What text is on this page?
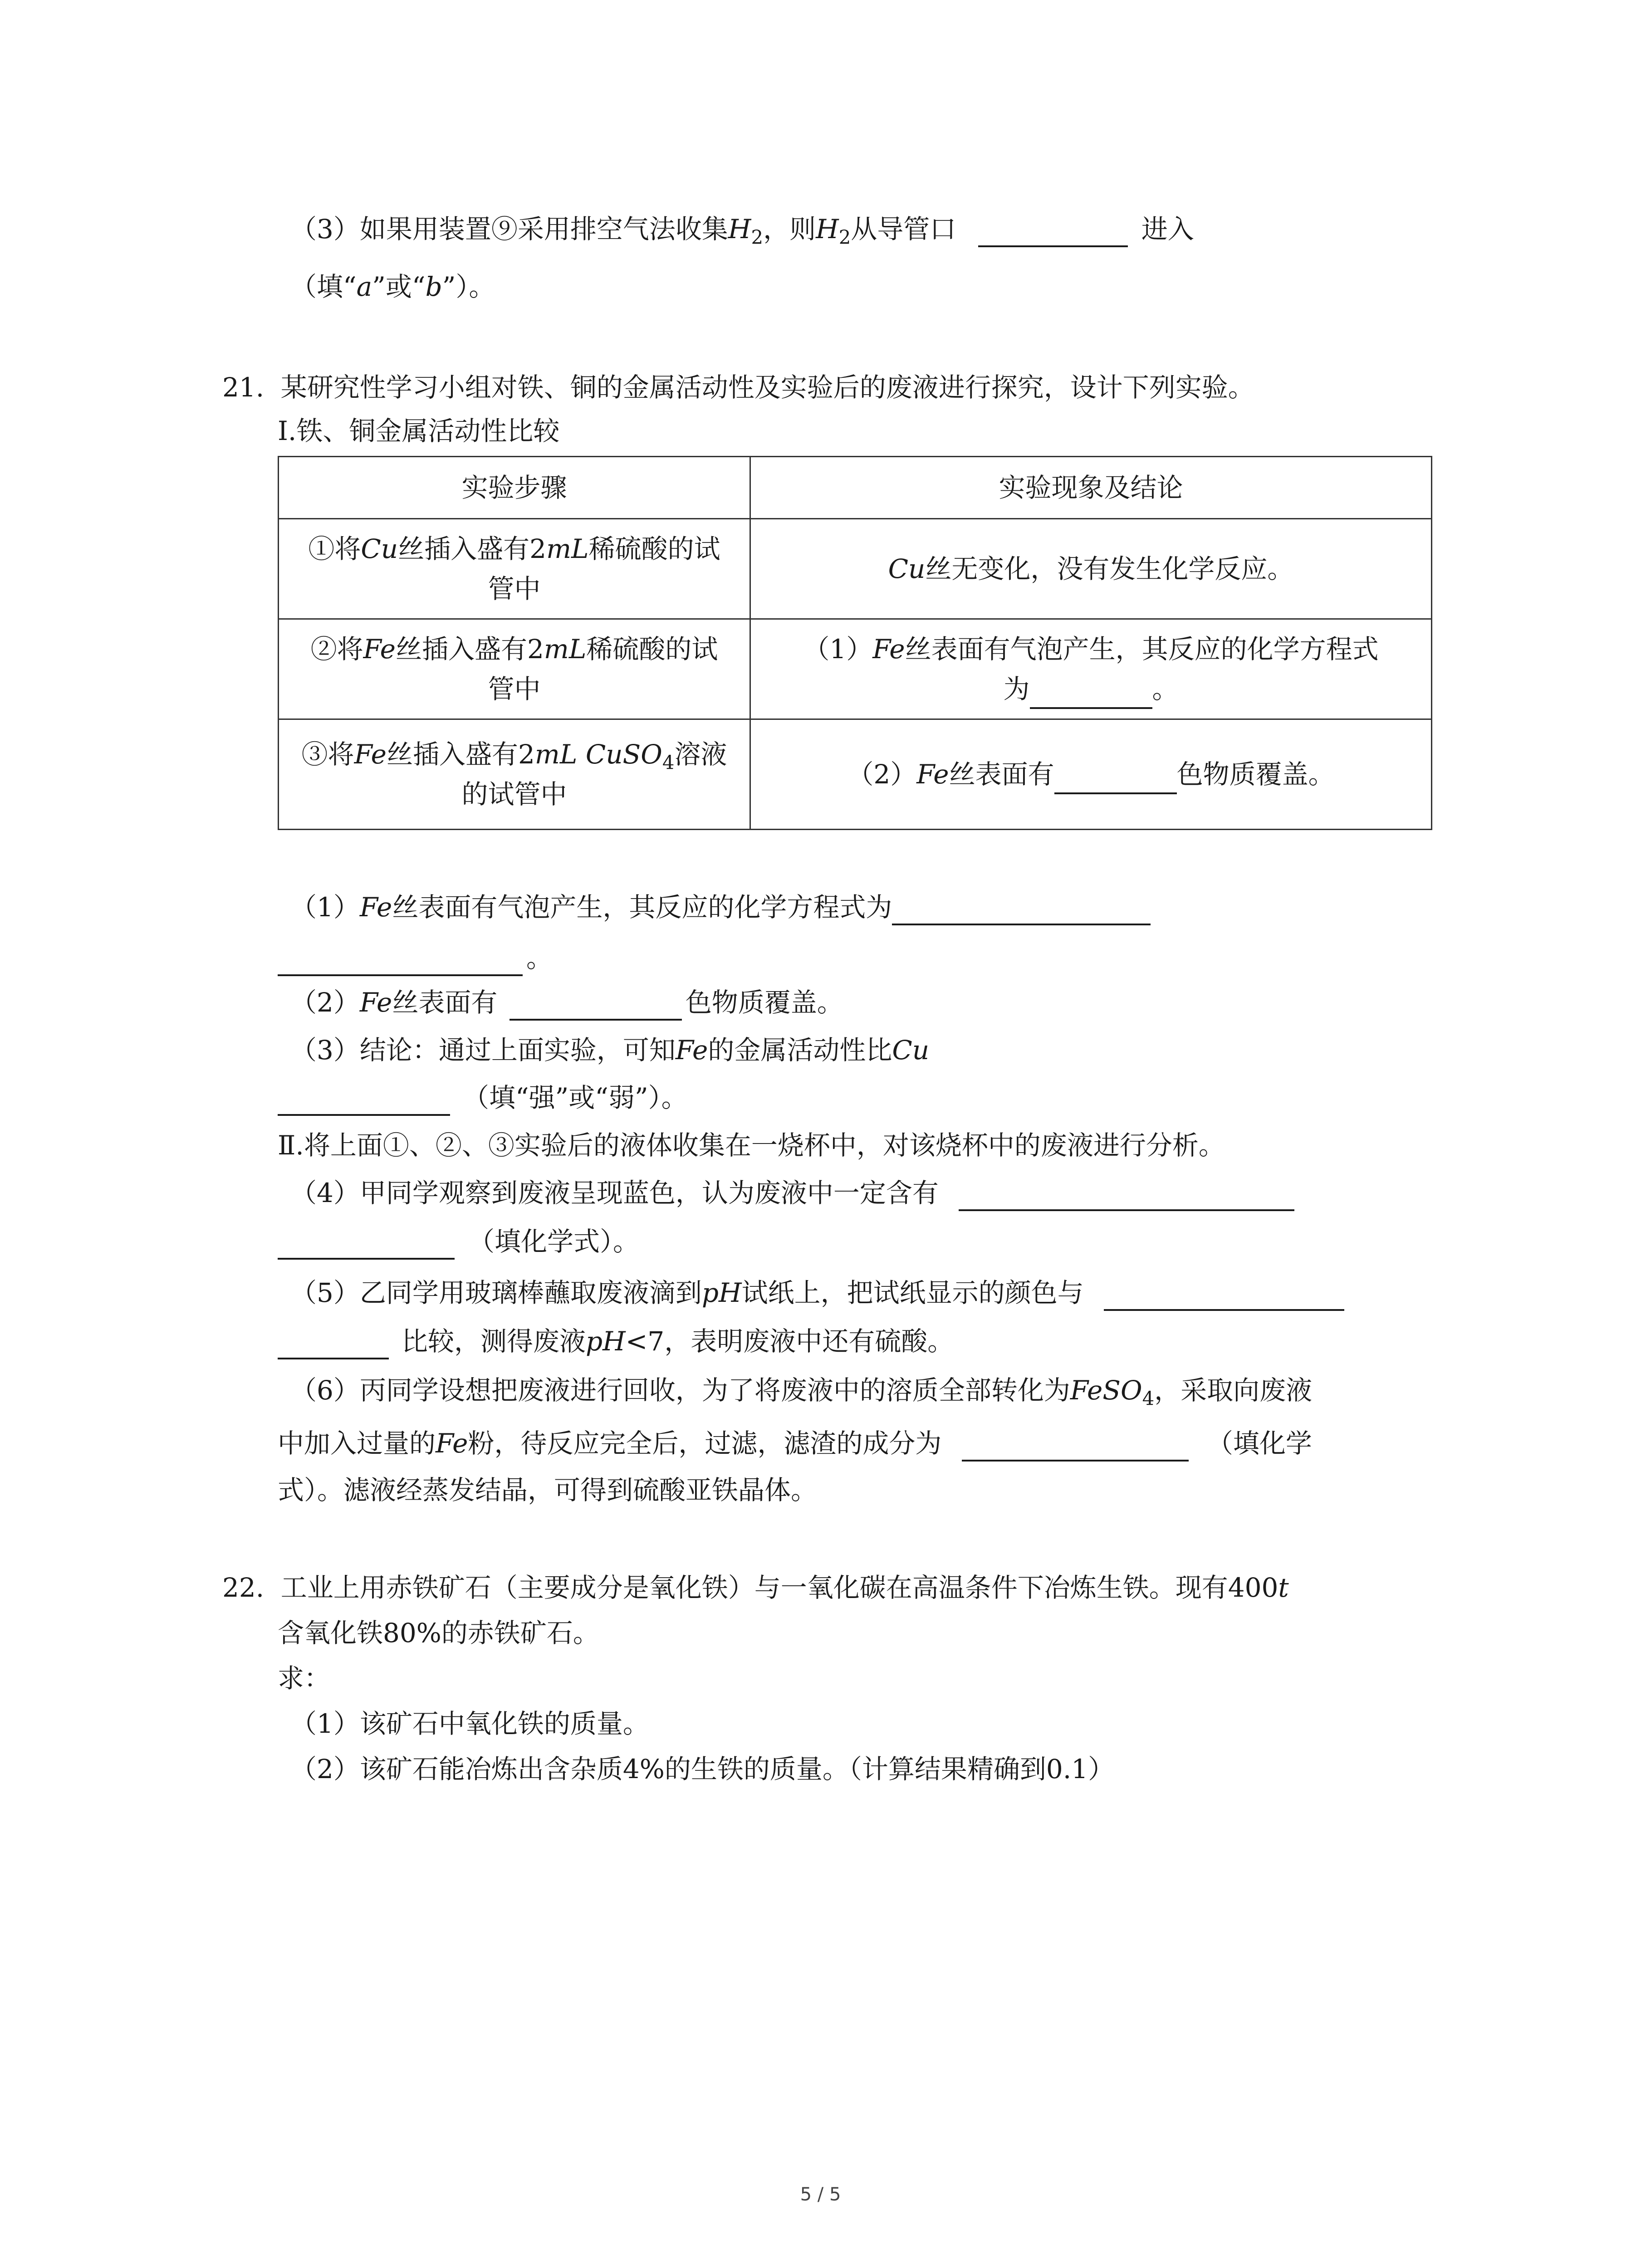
（3）如果用装置⑨采用排空气法收集$H_2$，则$H_2$从导管口	进入
（填“a”或“b”）。
21. 某研究性学习小组对铁、铜的金属活动性及实验后的废液进行探究，设计下列实验。
Ⅰ.铁、铜金属活动性比较
实验步骤	实验现象及结论
①将Cu丝插入盛有2mL稀硫酸的试
管中	Cu丝无变化，没有发生化学反应。
②将Fe丝插入盛有2mL稀硫酸的试
管中	（1）Fe丝表面有气泡产生，其反应的化学方程式
为 。
③将Fe丝插入盛有2mL CuSO$_4$溶液
的试管中	（2）Fe丝表面有 色物质覆盖。
（1）Fe丝表面有气泡产生，其反应的化学方程式为
。
（2）Fe丝表面有	色物质覆盖。
（3）结论：通过上面实验，可知Fe的金属活动性比Cu
（填“强”或“弱”）。
Ⅱ.将上面①、②、③实验后的液体收集在一烧杯中，对该烧杯中的废液进行分析。
（4）甲同学观察到废液呈现蓝色，认为废液中一定含有
（填化学式）。
（5）乙同学用玻璃棒蘸取废液滴到pH试纸上，把试纸显示的颜色与
比较，测得废液pH<7，表明废液中还有硫酸。
（6）丙同学设想把废液进行回收，为了将废液中的溶质全部转化为FeSO$_4$，采取向废液
中加入过量的Fe粉，待反应完全后，过滤，滤渣的成分为	（填化学
式）。滤液经蒸发结晶，可得到硫酸亚铁晶体。
22. 工业上用赤铁矿石（主要成分是氧化铁）与一氧化碳在高温条件下冶炼生铁。现有400t
含氧化铁80%的赤铁矿石。
求：
（1）该矿石中氧化铁的质量。
（2）该矿石能冶炼出含杂质4%的生铁的质量。（计算结果精确到0.1）
5 / 5
